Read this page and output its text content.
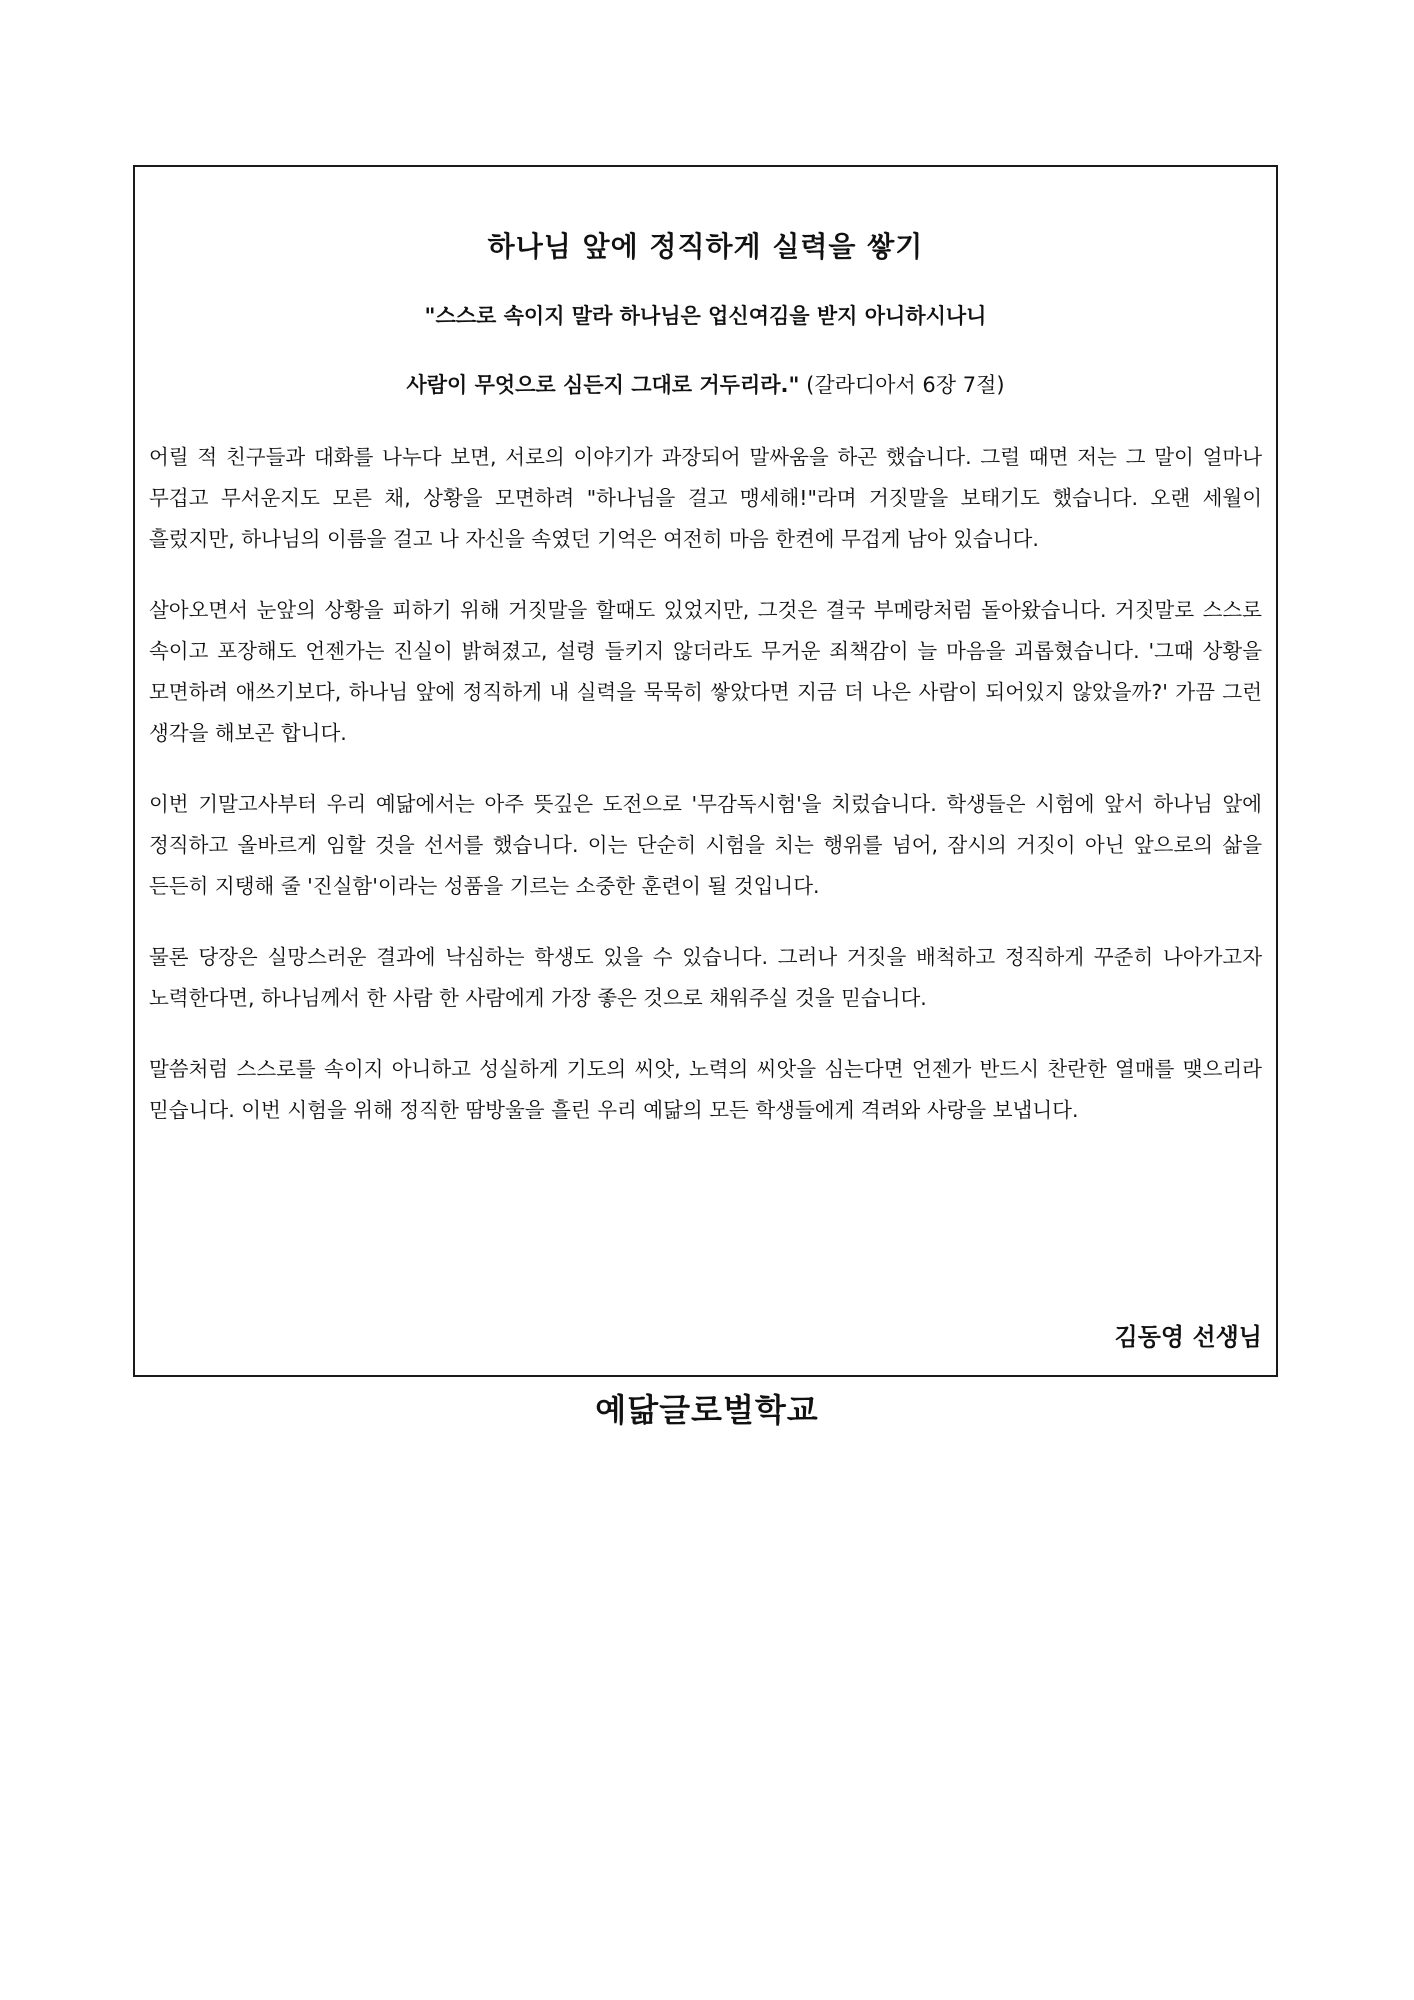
하나님 앞에 정직하게 실력을 쌓기
"스스로 속이지 말라 하나님은 업신여김을 받지 아니하시나니
사람이 무엇으로 심든지 그대로 거두리라." (갈라디아서 6장 7절)

어릴 적 친구들과 대화를 나누다 보면, 서로의 이야기가 과장되어 말싸움을 하곤 했습니다. 그럴 때면 저는 그 말이 얼마나 무겁고 무서운지도 모른 채, 상황을 모면하려 "하나님을 걸고 맹세해!"라며 거짓말을 보태기도 했습니다. 오랜 세월이 흘렀지만, 하나님의 이름을 걸고 나 자신을 속였던 기억은 여전히 마음 한켠에 무겁게 남아 있습니다.

살아오면서 눈앞의 상황을 피하기 위해 거짓말을 할때도 있었지만, 그것은 결국 부메랑처럼 돌아왔습니다. 거짓말로 스스로 속이고 포장해도 언젠가는 진실이 밝혀졌고, 설령 들키지 않더라도 무거운 죄책감이 늘 마음을 괴롭혔습니다. '그때 상황을 모면하려 애쓰기보다, 하나님 앞에 정직하게 내 실력을 묵묵히 쌓았다면 지금 더 나은 사람이 되어있지 않았을까?' 가끔 그런 생각을 해보곤 합니다.

이번 기말고사부터 우리 예닮에서는 아주 뜻깊은 도전으로 '무감독시험'을 치렀습니다. 학생들은 시험에 앞서 하나님 앞에 정직하고 올바르게 임할 것을 선서를 했습니다. 이는 단순히 시험을 치는 행위를 넘어, 잠시의 거짓이 아닌 앞으로의 삶을 든든히 지탱해 줄 '진실함'이라는 성품을 기르는 소중한 훈련이 될 것입니다.

물론 당장은 실망스러운 결과에 낙심하는 학생도 있을 수 있습니다. 그러나 거짓을 배척하고 정직하게 꾸준히 나아가고자 노력한다면, 하나님께서 한 사람 한 사람에게 가장 좋은 것으로 채워주실 것을 믿습니다.

말씀처럼 스스로를 속이지 아니하고 성실하게 기도의 씨앗, 노력의 씨앗을 심는다면 언젠가 반드시 찬란한 열매를 맺으리라 믿습니다. 이번 시험을 위해 정직한 땀방울을 흘린 우리 예닮의 모든 학생들에게 격려와 사랑을 보냅니다.

김동영 선생님
예닮글로벌학교
